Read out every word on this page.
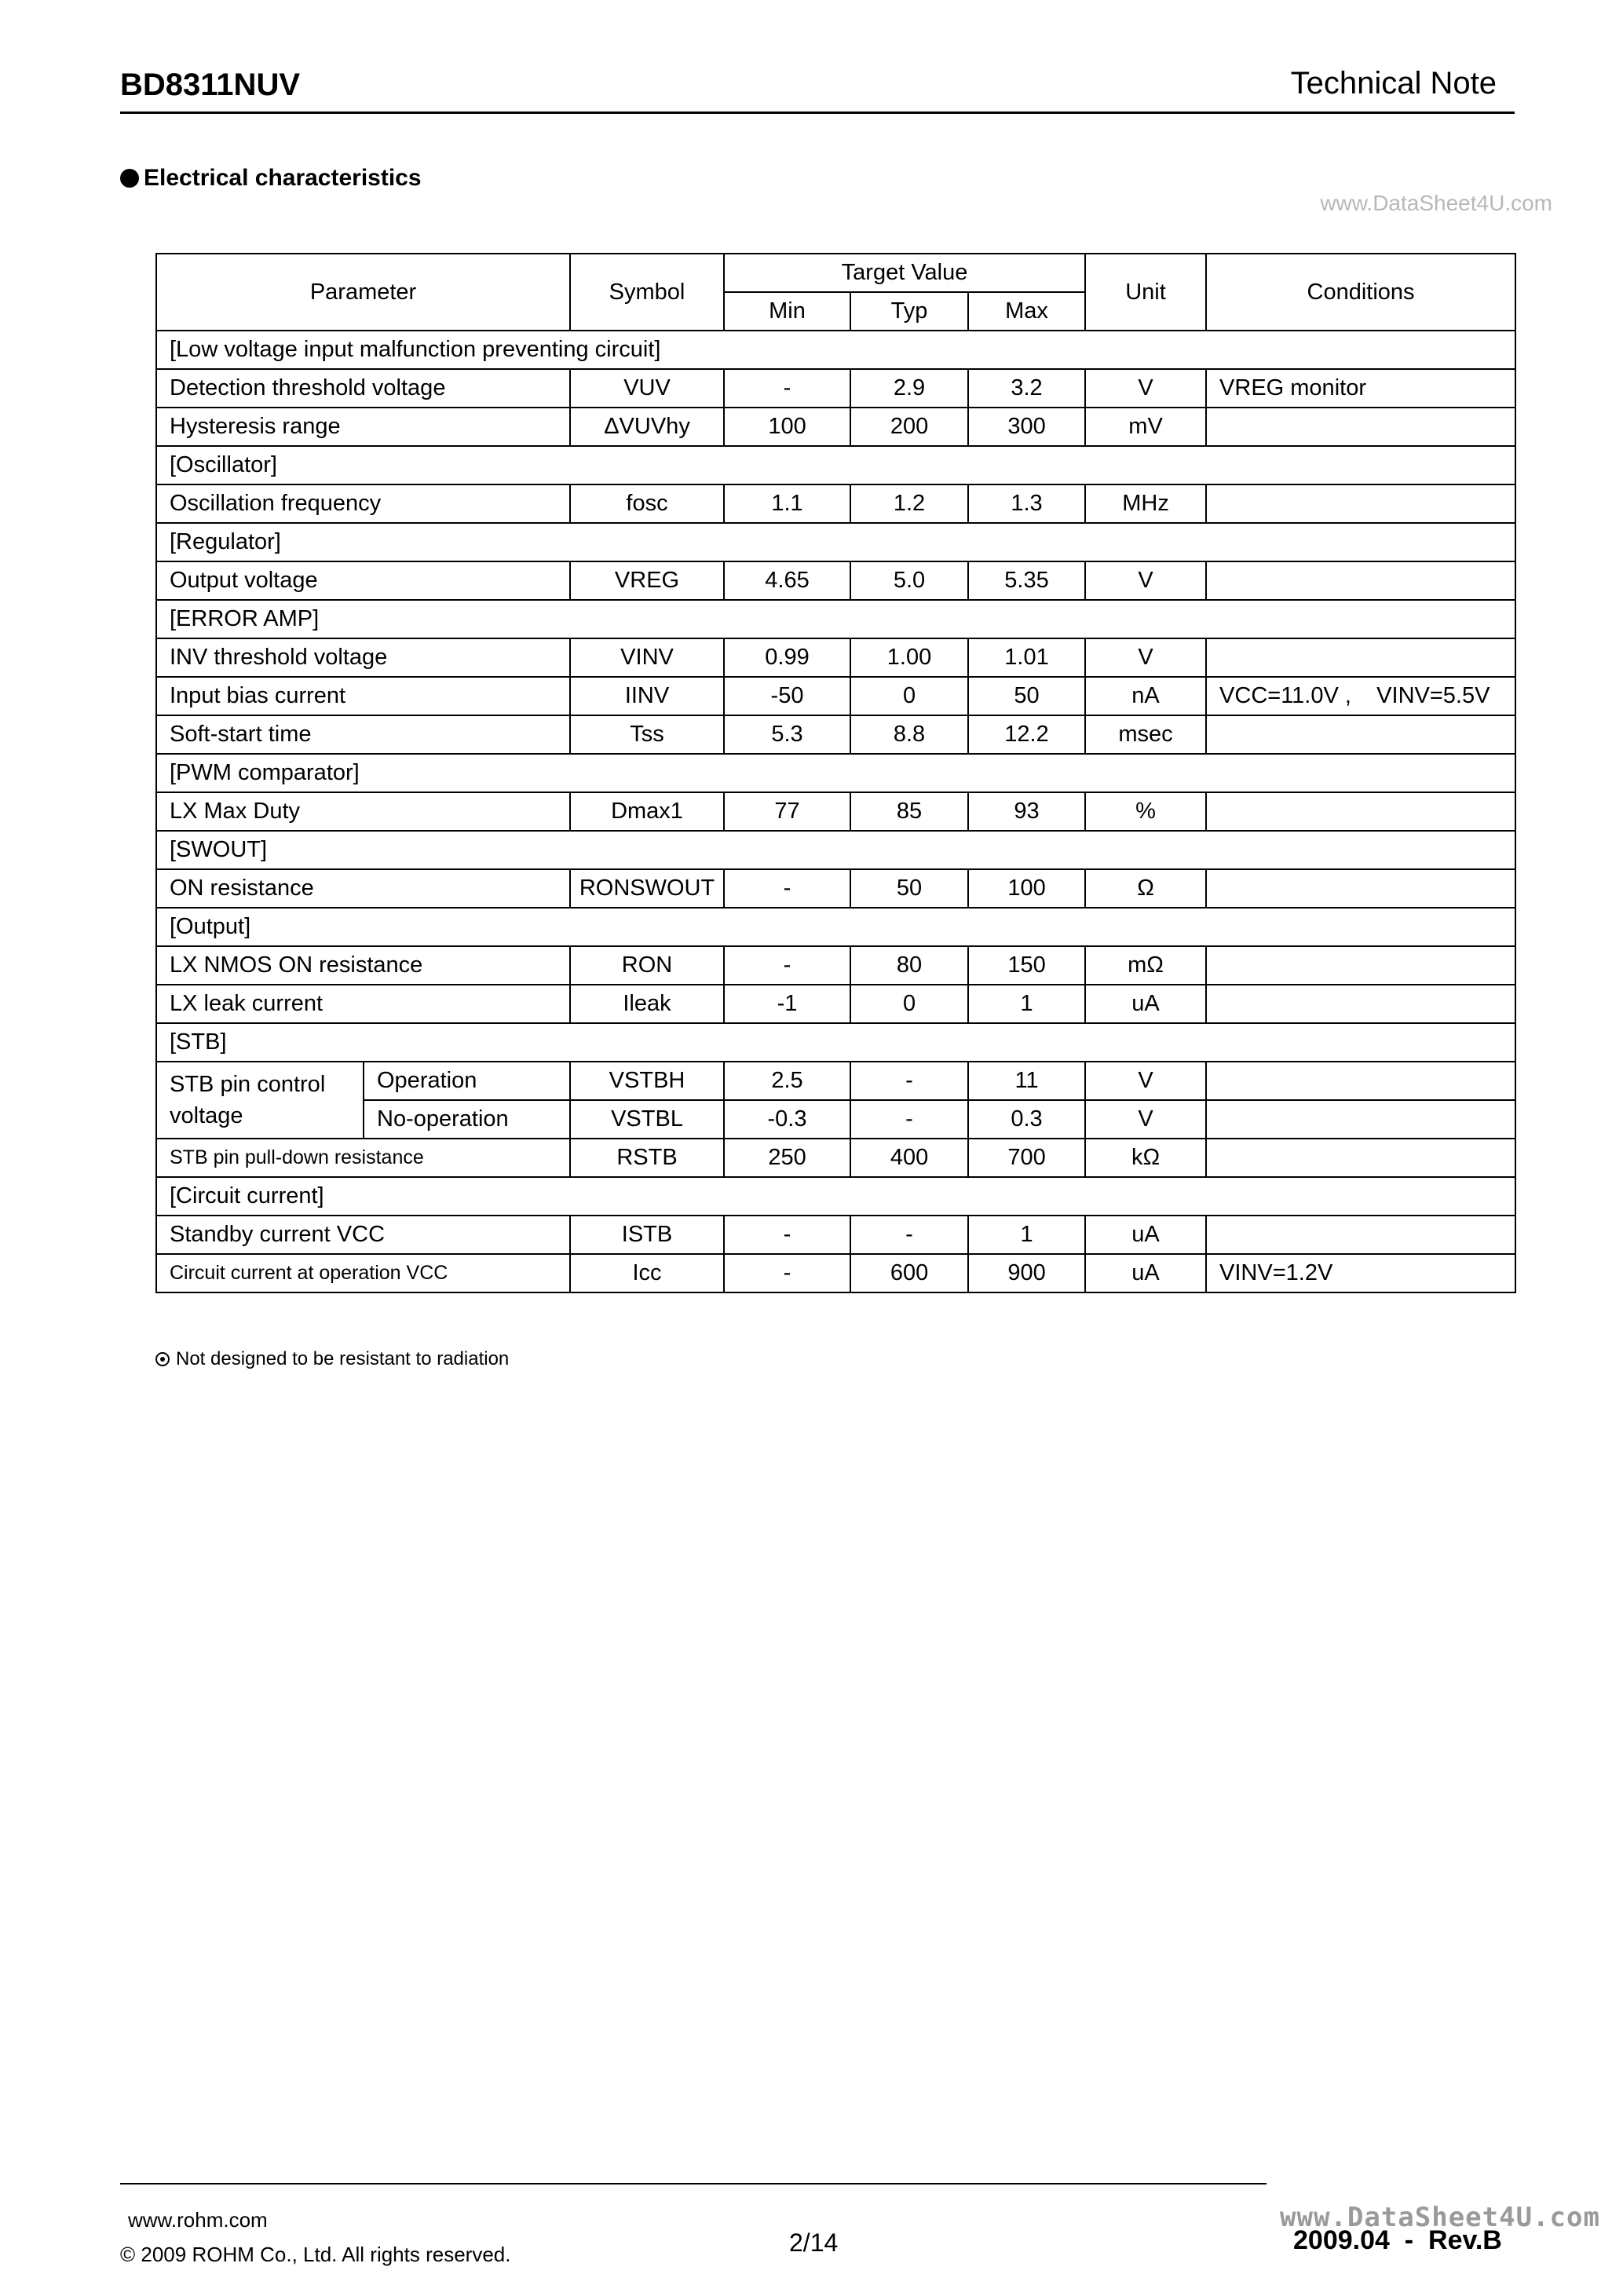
BD8311NUV	Technical Note
Electrical characteristics
www.DataSheet4U.com
Parameter		Symbol	Target Value			Unit	Conditions
			Min	Typ	Max		
[Low voltage input malfunction preventing circuit]							
Detection threshold voltage		VUV	-	2.9	3.2	V	VREG monitor
Hysteresis range		ΔVUVhy	100	200	300	mV	
[Oscillator]							
Oscillation frequency		fosc	1.1	1.2	1.3	MHz	
[Regulator]							
Output voltage		VREG	4.65	5.0	5.35	V	
[ERROR AMP]							
INV threshold voltage		VINV	0.99	1.00	1.01	V	
Input bias current		IINV	-50	0	50	nA	VCC=11.0V ,    VINV=5.5V
Soft-start time		Tss	5.3	8.8	12.2	msec	
[PWM comparator]							
LX Max Duty		Dmax1	77	85	93	%	
[SWOUT]							
ON resistance		RONSWOUT	-	50	100	Ω	
[Output]							
LX NMOS ON resistance		RON	-	80	150	mΩ	
LX leak current		Ileak	-1	0	1	uA	
[STB]							
STB pin control voltage	Operation	VSTBH	2.5	-	11	V	
	No-operation	VSTBL	-0.3	-	0.3	V	
STB pin pull-down resistance		RSTB	250	400	700	kΩ	
[Circuit current]							
Standby current VCC		ISTB	-	-	1	uA	
Circuit current at operation VCC		Icc	-	600	900	uA	VINV=1.2V
Not designed to be resistant to radiation
www.rohm.com
© 2009 ROHM Co., Ltd. All rights reserved.	2/14
www.DataSheet4U.com
2009.04  -  Rev.B
